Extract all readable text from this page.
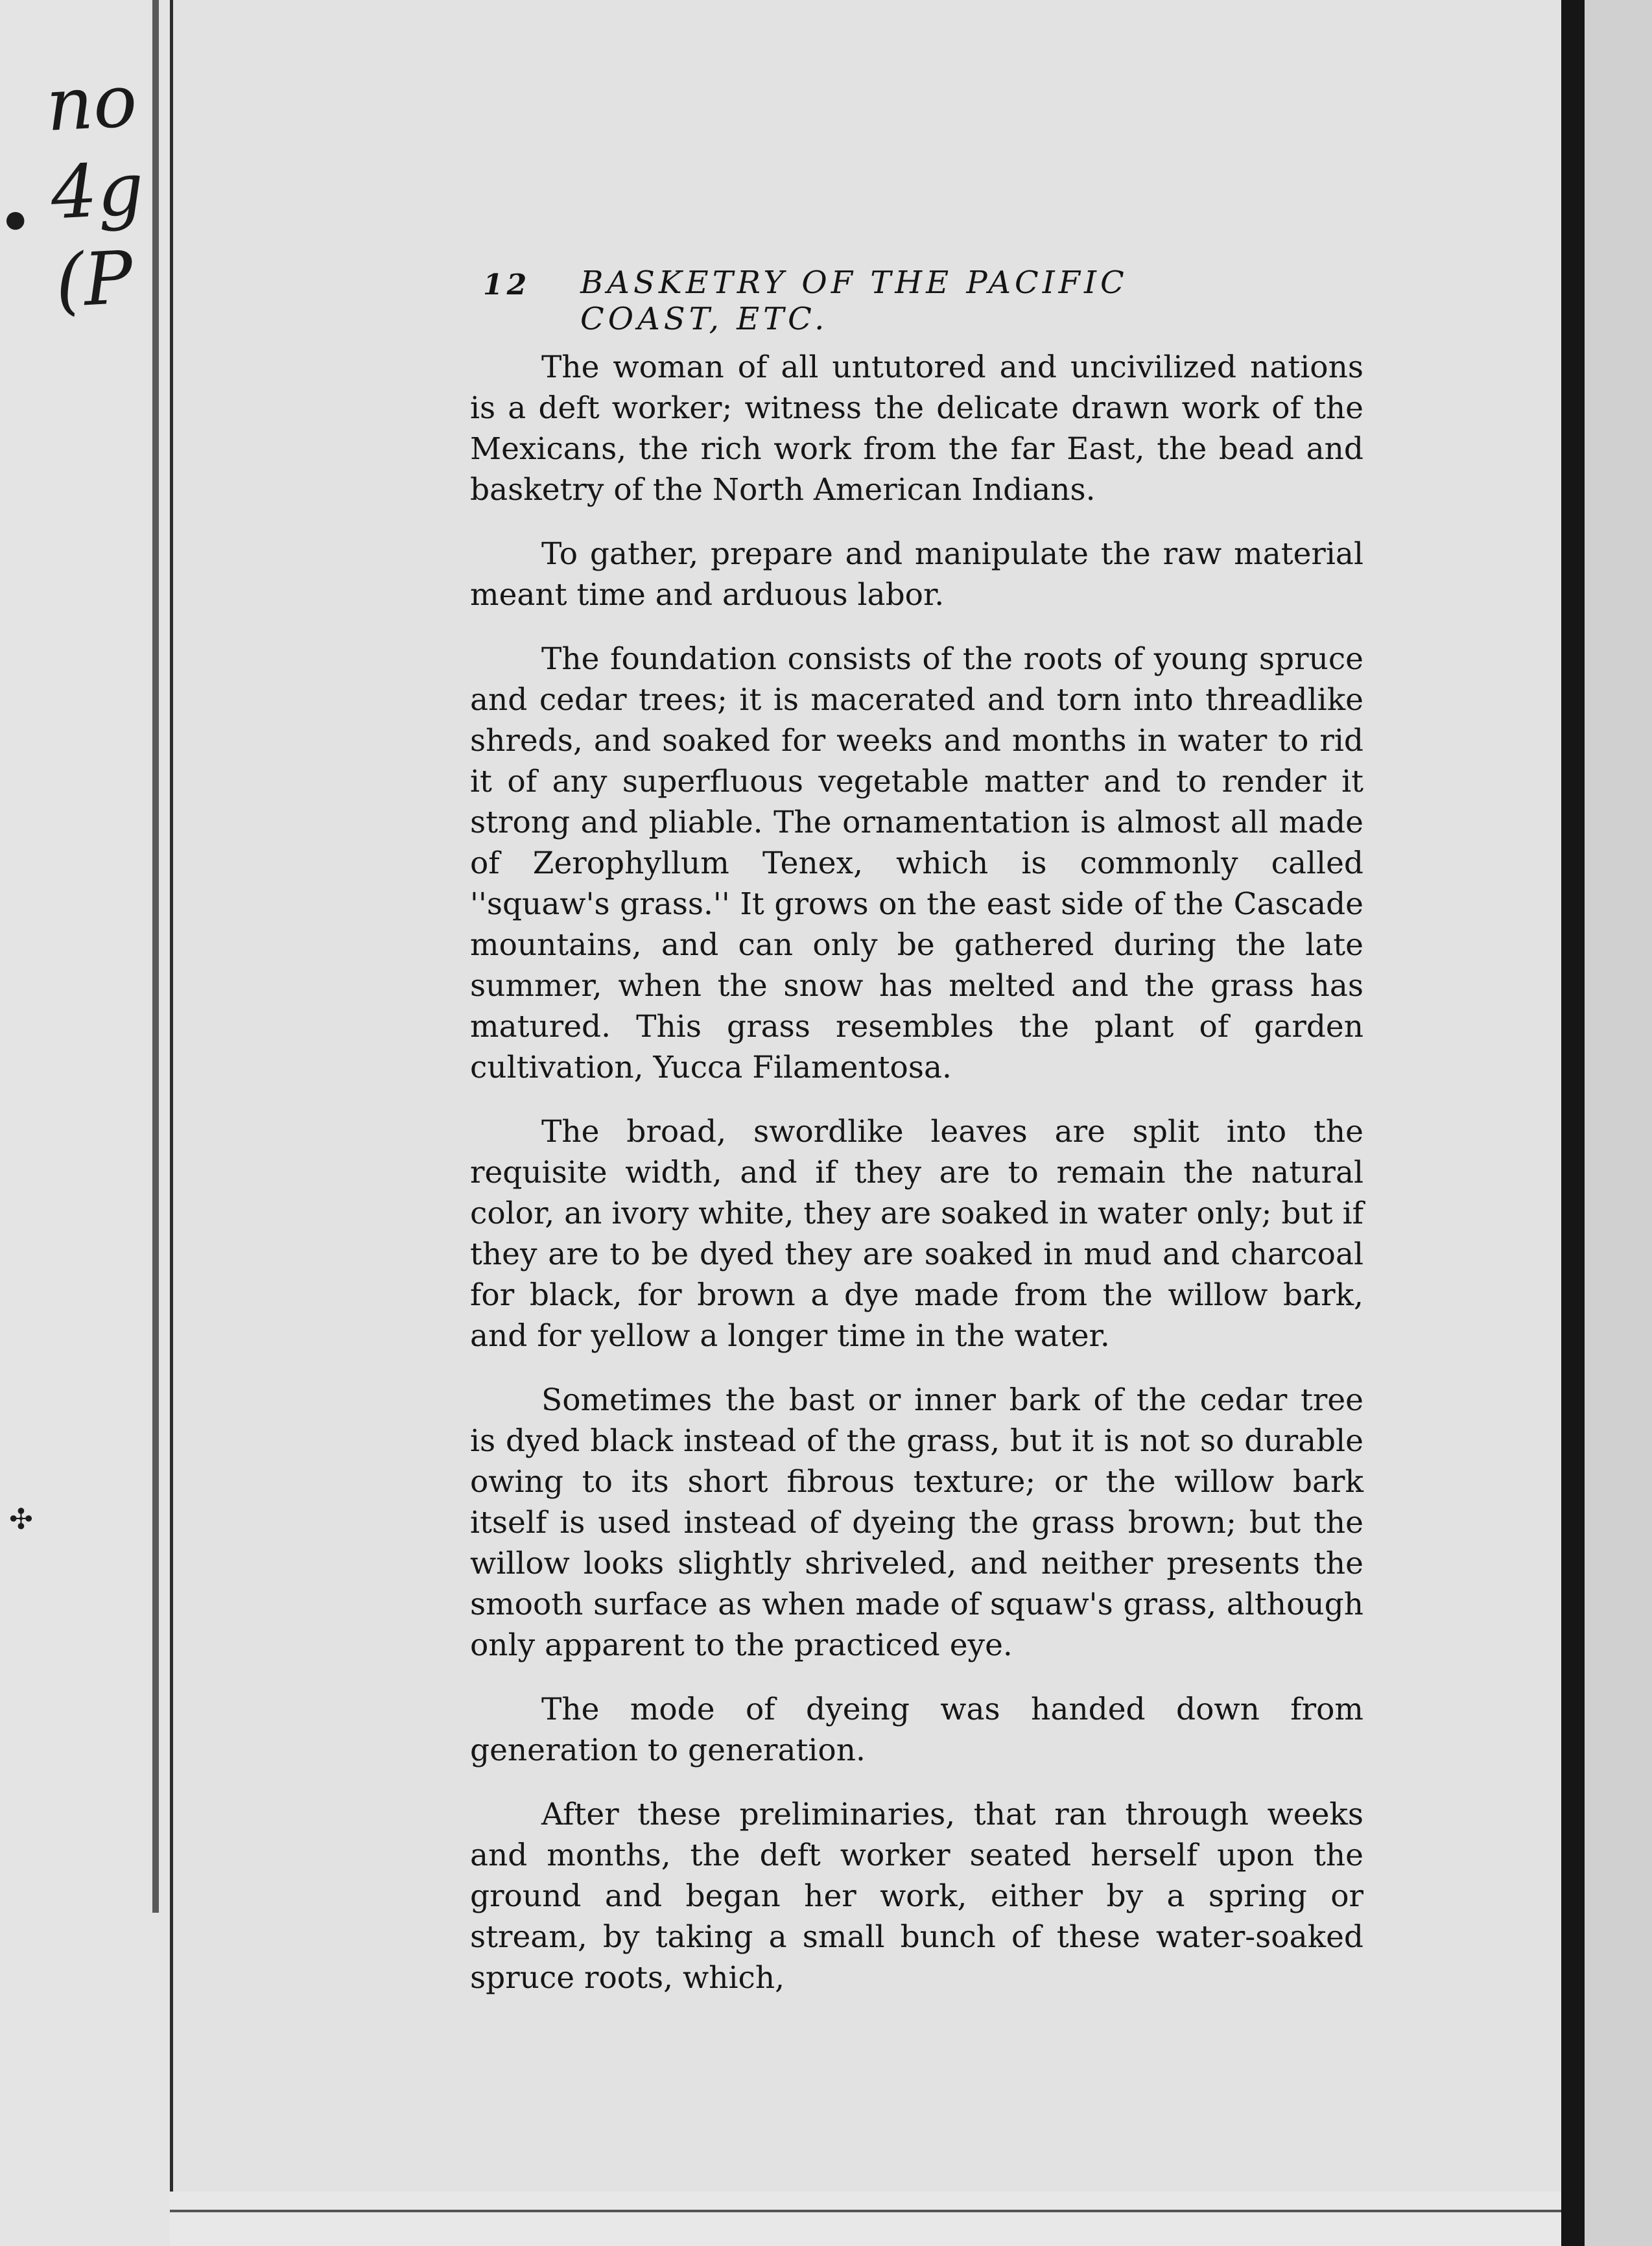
no
4g
(P
●
✣
12 BASKETRY OF THE PACIFIC COAST, ETC.

The woman of all untutored and uncivilized nations is a deft worker; witness the delicate drawn work of the Mexicans, the rich work from the far East, the bead and basketry of the North American Indians.

To gather, prepare and manipulate the raw material meant time and arduous labor.

The foundation consists of the roots of young spruce and cedar trees; it is macerated and torn into threadlike shreds, and soaked for weeks and months in water to rid it of any superfluous vegetable matter and to render it strong and pliable. The ornamentation is almost all made of Zerophyllum Tenex, which is commonly called ''squaw's grass.'' It grows on the east side of the Cascade mountains, and can only be gathered during the late summer, when the snow has melted and the grass has matured. This grass resembles the plant of garden cultivation, Yucca Filamentosa.

The broad, swordlike leaves are split into the requisite width, and if they are to remain the natural color, an ivory white, they are soaked in water only; but if they are to be dyed they are soaked in mud and charcoal for black, for brown a dye made from the willow bark, and for yellow a longer time in the water.

Sometimes the bast or inner bark of the cedar tree is dyed black instead of the grass, but it is not so durable owing to its short fibrous texture; or the willow bark itself is used instead of dyeing the grass brown; but the willow looks slightly shriveled, and neither presents the smooth surface as when made of squaw's grass, although only apparent to the practiced eye.

The mode of dyeing was handed down from generation to generation.

After these preliminaries, that ran through weeks and months, the deft worker seated herself upon the ground and began her work, either by a spring or stream, by taking a small bunch of these water-soaked spruce roots, which,
